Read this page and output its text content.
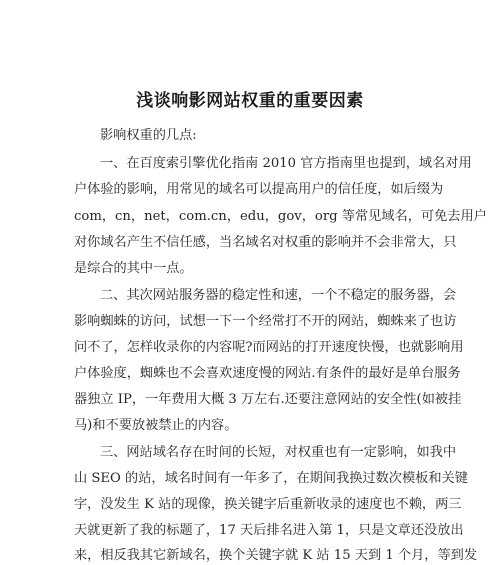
浅谈响影网站权重的重要因素
影响权重的几点:
一、在百度索引擎优化指南 2010 官方指南里也提到，域名对用
户体验的影响，用常见的域名可以提高用户的信任度，如后缀为
com，cn，net，com.cn，edu，gov，org 等常见域名，可免去用户
对你域名产生不信任感，当名域名对权重的影响并不会非常大，只
是综合的其中一点。
二、其次网站服务器的稳定性和速，一个不稳定的服务器，会
影响蜘蛛的访问，试想一下一个经常打不开的网站，蜘蛛来了也访
问不了，怎样收录你的内容呢?而网站的打开速度快慢，也就影响用
户体验度，蜘蛛也不会喜欢速度慢的网站.有条件的最好是单台服务
器独立 IP，一年费用大概 3 万左右.还要注意网站的安全性(如被挂
马)和不要放被禁止的内容。
三、网站域名存在时间的长短，对权重也有一定影响，如我中
山 SEO 的站，域名时间有一年多了，在期间我换过数次模板和关键
字，没发生 K 站的现像，换关键字后重新收录的速度也不赖，两三
天就更新了我的标题了，17 天后排名进入第 1，只是文章还没放出
来，相反我其它新域名，换个关键字就 K 站 15 天到 1 个月，等到发
